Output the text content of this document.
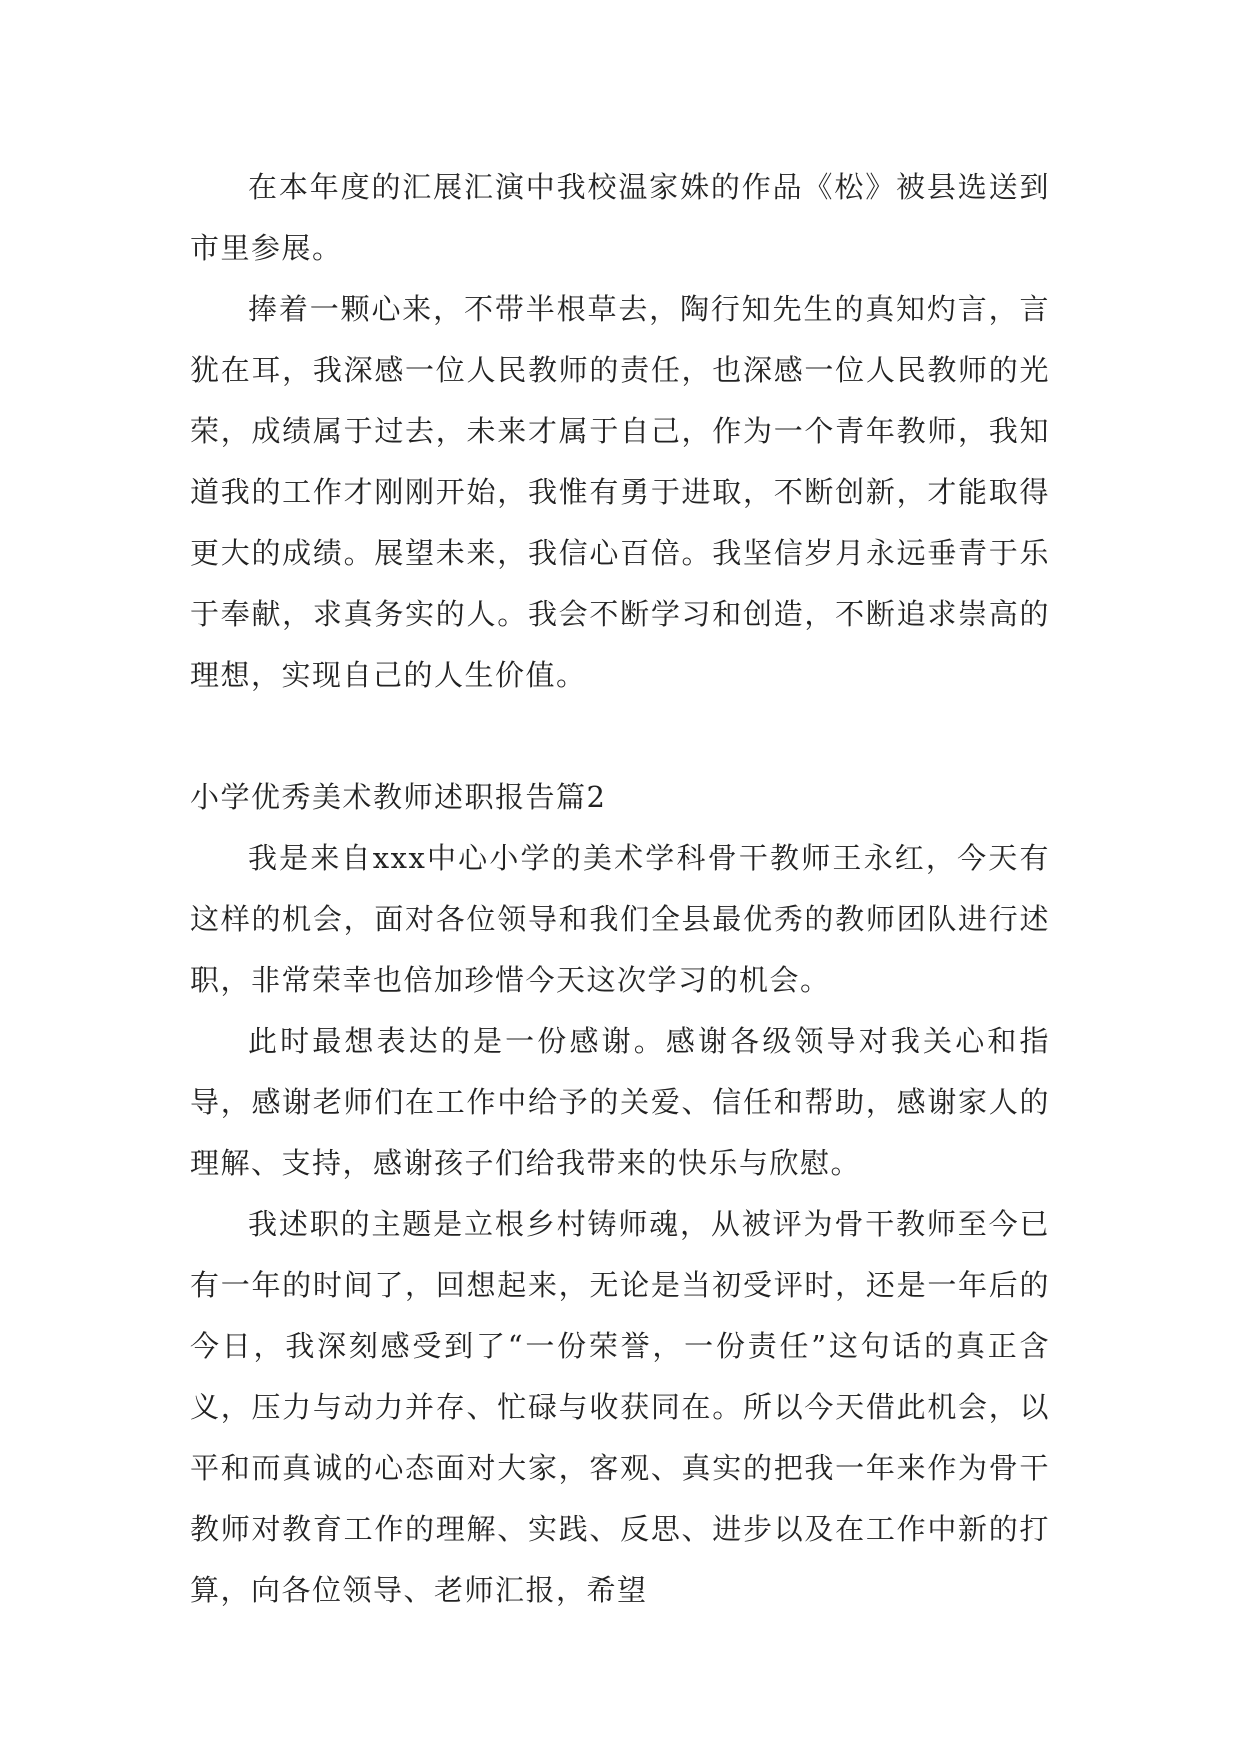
在本年度的汇展汇演中我校温家姝的作品《松》被县选送到市里参展。

捧着一颗心来，不带半根草去，陶行知先生的真知灼言，言犹在耳，我深感一位人民教师的责任，也深感一位人民教师的光荣，成绩属于过去，未来才属于自己，作为一个青年教师，我知道我的工作才刚刚开始，我惟有勇于进取，不断创新，才能取得更大的成绩。展望未来，我信心百倍。我坚信岁月永远垂青于乐于奉献，求真务实的人。我会不断学习和创造，不断追求崇高的理想，实现自己的人生价值。

小学优秀美术教师述职报告篇2

我是来自xxx中心小学的美术学科骨干教师王永红，今天有这样的机会，面对各位领导和我们全县最优秀的教师团队进行述职，非常荣幸也倍加珍惜今天这次学习的机会。

此时最想表达的是一份感谢。感谢各级领导对我关心和指导，感谢老师们在工作中给予的关爱、信任和帮助，感谢家人的理解、支持，感谢孩子们给我带来的快乐与欣慰。

我述职的主题是立根乡村铸师魂，从被评为骨干教师至今已有一年的时间了，回想起来，无论是当初受评时，还是一年后的今日，我深刻感受到了“一份荣誉，一份责任”这句话的真正含义，压力与动力并存、忙碌与收获同在。所以今天借此机会，以平和而真诚的心态面对大家，客观、真实的把我一年来作为骨干教师对教育工作的理解、实践、反思、进步以及在工作中新的打算，向各位领导、老师汇报，希望
